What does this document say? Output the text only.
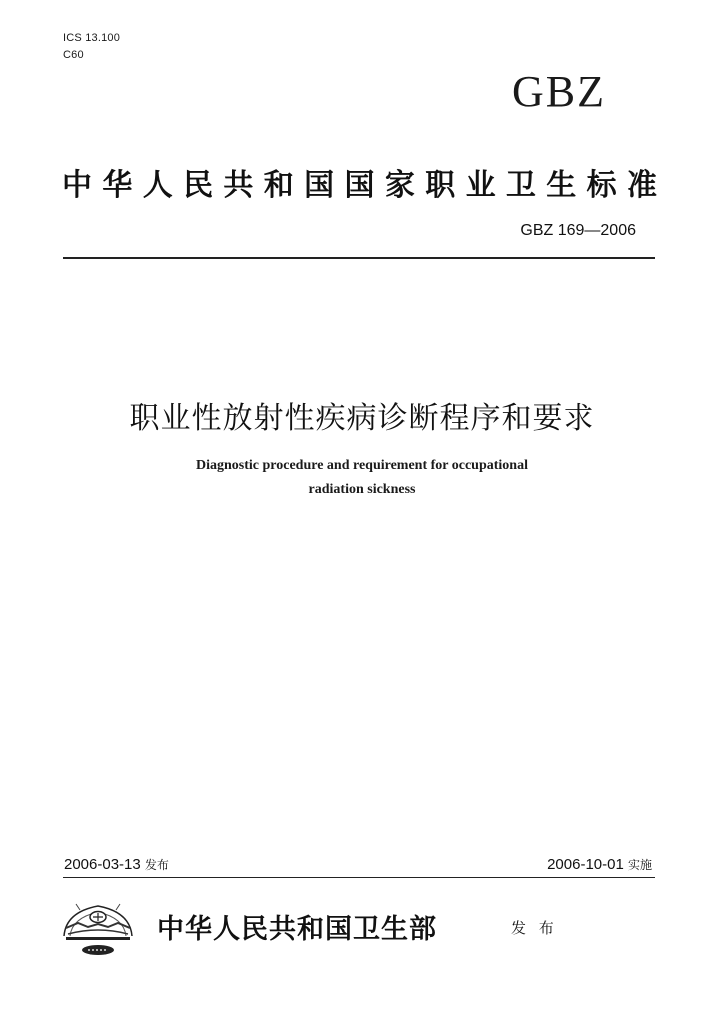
ICS 13.100
C60
GBZ
中华人民共和国国家职业卫生标准
GBZ 169—2006
职业性放射性疾病诊断程序和要求
Diagnostic procedure and requirement for occupational
radiation sickness
2006-03-13 发布	2006-10-01 实施
中华人民共和国卫生部	发 布
